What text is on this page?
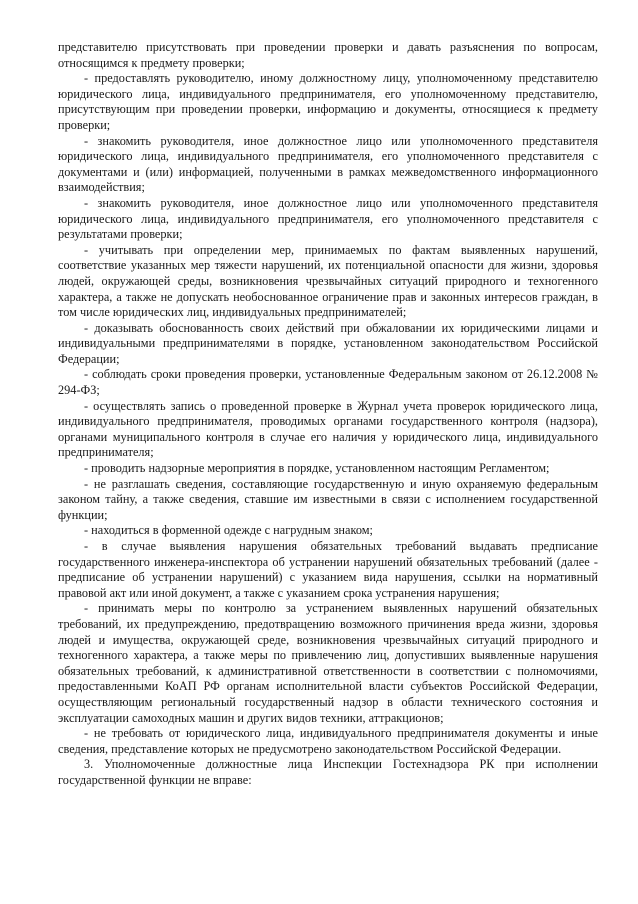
представителю присутствовать при проведении проверки и давать разъяснения по вопросам, относящимся к предмету проверки;

- предоставлять руководителю, иному должностному лицу, уполномоченному представителю юридического лица, индивидуального предпринимателя, его уполномоченному представителю, присутствующим при проведении проверки, информацию и документы, относящиеся к предмету проверки;

- знакомить руководителя, иное должностное лицо или уполномоченного представителя юридического лица, индивидуального предпринимателя, его уполномоченного представителя с документами и (или) информацией, полученными в рамках межведомственного информационного взаимодействия;

- знакомить руководителя, иное должностное лицо или уполномоченного представителя юридического лица, индивидуального предпринимателя, его уполномоченного представителя с результатами проверки;

- учитывать при определении мер, принимаемых по фактам выявленных нарушений, соответствие указанных мер тяжести нарушений, их потенциальной опасности для жизни, здоровья людей, окружающей среды, возникновения чрезвычайных ситуаций природного и техногенного характера, а также не допускать необоснованное ограничение прав и законных интересов граждан, в том числе юридических лиц, индивидуальных предпринимателей;

- доказывать обоснованность своих действий при обжаловании их юридическими лицами и индивидуальными предпринимателями в порядке, установленном законодательством Российской Федерации;

- соблюдать сроки проведения проверки, установленные Федеральным законом от 26.12.2008 № 294-ФЗ;

- осуществлять запись о проведенной проверке в Журнал учета проверок юридического лица, индивидуального предпринимателя, проводимых органами государственного контроля (надзора), органами муниципального контроля в случае его наличия у юридического лица, индивидуального предпринимателя;

- проводить надзорные мероприятия в порядке, установленном настоящим Регламентом;

- не разглашать сведения, составляющие государственную и иную охраняемую федеральным законом тайну, а также сведения, ставшие им известными в связи с исполнением государственной функции;

- находиться в форменной одежде с нагрудным знаком;

- в случае выявления нарушения обязательных требований выдавать предписание государственного инженера-инспектора об устранении нарушений обязательных требований (далее - предписание об устранении нарушений) с указанием вида нарушения, ссылки на нормативный правовой акт или иной документ, а также с указанием срока устранения нарушения;

- принимать меры по контролю за устранением выявленных нарушений обязательных требований, их предупреждению, предотвращению возможного причинения вреда жизни, здоровья людей и имущества, окружающей среде, возникновения чрезвычайных ситуаций природного и техногенного характера, а также меры по привлечению лиц, допустивших выявленные нарушения обязательных требований, к административной ответственности в соответствии с полномочиями, предоставленными КоАП РФ органам исполнительной власти субъектов Российской Федерации, осуществляющим региональный государственный надзор в области технического состояния и эксплуатации самоходных машин и других видов техники, аттракционов;

- не требовать от юридического лица, индивидуального предпринимателя документы и иные сведения, представление которых не предусмотрено законодательством Российской Федерации.

3. Уполномоченные должностные лица Инспекции Гостехнадзора РК при исполнении государственной функции не вправе:
